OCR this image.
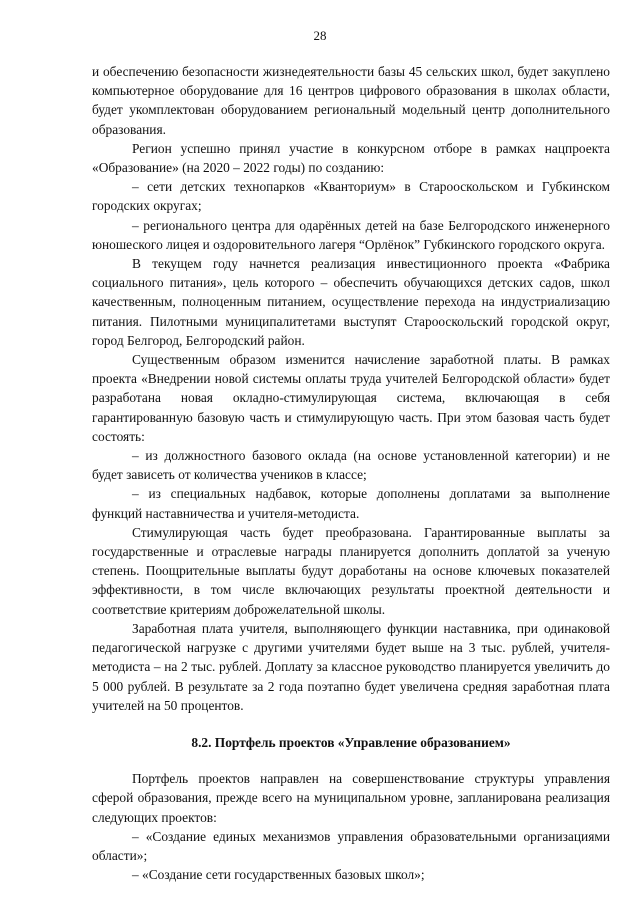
28

и обеспечению безопасности жизнедеятельности базы 45 сельских школ, будет закуплено компьютерное оборудование для 16 центров цифрового образования в школах области, будет укомплектован оборудованием региональный модельный центр дополнительного образования.

Регион успешно принял участие в конкурсном отборе в рамках нацпроекта «Образование» (на 2020 – 2022 годы) по созданию:

– сети детских технопарков «Кванториум» в Старооскольском и Губкинском городских округах;

– регионального центра для одарённых детей на базе Белгородского инженерного юношеского лицея и оздоровительного лагеря “Орлёнок” Губкинского городского округа.

В текущем году начнется реализация инвестиционного проекта «Фабрика социального питания», цель которого – обеспечить обучающихся детских садов, школ качественным, полноценным питанием, осуществление перехода на индустриализацию питания. Пилотными муниципалитетами выступят Старооскольский городской округ, город Белгород, Белгородский район.

Существенным образом изменится начисление заработной платы. В рамках проекта «Внедрении новой системы оплаты труда учителей Белгородской области» будет разработана новая окладно-стимулирующая система, включающая в себя гарантированную базовую часть и стимулирующую часть. При этом базовая часть будет состоять:

– из должностного базового оклада (на основе установленной категории) и не будет зависеть от количества учеников в классе;

– из специальных надбавок, которые дополнены доплатами за выполнение функций наставничества и учителя-методиста.

Стимулирующая часть будет преобразована. Гарантированные выплаты за государственные и отраслевые награды планируется дополнить доплатой за ученую степень. Поощрительные выплаты будут доработаны на основе ключевых показателей эффективности, в том числе включающих результаты проектной деятельности и соответствие критериям доброжелательной школы.

Заработная плата учителя, выполняющего функции наставника, при одинаковой педагогической нагрузке с другими учителями будет выше на 3 тыс. рублей, учителя-методиста – на 2 тыс. рублей. Доплату за классное руководство планируется увеличить до 5 000 рублей. В результате за 2 года поэтапно будет увеличена средняя заработная плата учителей на 50 процентов.

8.2. Портфель проектов «Управление образованием»

Портфель проектов направлен на совершенствование структуры управления сферой образования, прежде всего на муниципальном уровне, запланирована реализация следующих проектов:

– «Создание единых механизмов управления образовательными организациями области»;

– «Создание сети государственных базовых школ»;
